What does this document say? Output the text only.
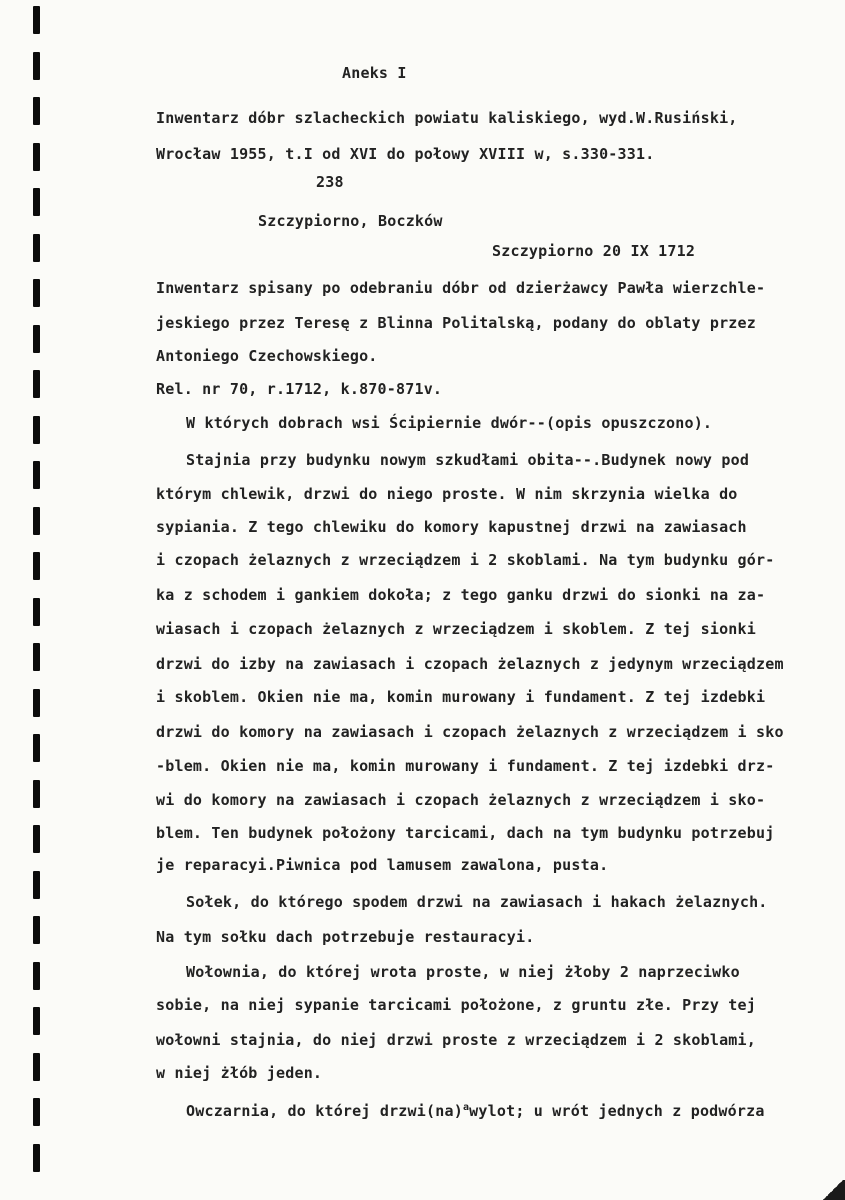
Aneks I
Inwentarz dóbr szlacheckich powiatu kaliskiego, wyd.W.Rusiński,
Wrocław 1955, t.I od XVI do połowy XVIII w, s.330-331.
238
Szczypiorno, Boczków
Szczypiorno 20 IX 1712
Inwentarz spisany po odebraniu dóbr od dzierżawcy Pawła wierzchle-
jeskiego przez Teresę z Blinna Politalską, podany do oblaty przez
Antoniego Czechowskiego.
Rel. nr 70, r.1712, k.870-871v.
W których dobrach wsi Ścipiernie dwór--(opis opuszczono).
Stajnia przy budynku nowym szkudłami obita--.Budynek nowy pod
którym chlewik, drzwi do niego proste. W nim skrzynia wielka do
sypiania. Z tego chlewiku do komory kapustnej drzwi na zawiasach
i czopach żelaznych z wrzeciądzem i 2 skoblami. Na tym budynku gór-
ka z schodem i gankiem dokoła; z tego ganku drzwi do sionki na za-
wiasach i czopach żelaznych z wrzeciądzem i skoblem. Z tej sionki
drzwi do izby na zawiasach i czopach żelaznych z jedynym wrzeciądzem
i skoblem. Okien nie ma, komin murowany i fundament. Z tej izdebki
drzwi do komory na zawiasach i czopach żelaznych z wrzeciądzem i sko
-blem. Okien nie ma, komin murowany i fundament. Z tej izdebki drz-
wi do komory na zawiasach i czopach żelaznych z wrzeciądzem i sko-
blem. Ten budynek położony tarcicami, dach na tym budynku potrzebuj
je reparacyi.Piwnica pod lamusem zawalona, pusta.
Sołek, do którego spodem drzwi na zawiasach i hakach żelaznych.
Na tym sołku dach potrzebuje restauracyi.
Wołownia, do której wrota proste, w niej żłoby 2 naprzeciwko
sobie, na niej sypanie tarcicami położone, z gruntu złe. Przy tej
wołowni stajnia, do niej drzwi proste z wrzeciądzem i 2 skoblami,
w niej żłób jeden.
Owczarnia, do której drzwi(na)$^a$wylot; u wrót jednych z podwórza
